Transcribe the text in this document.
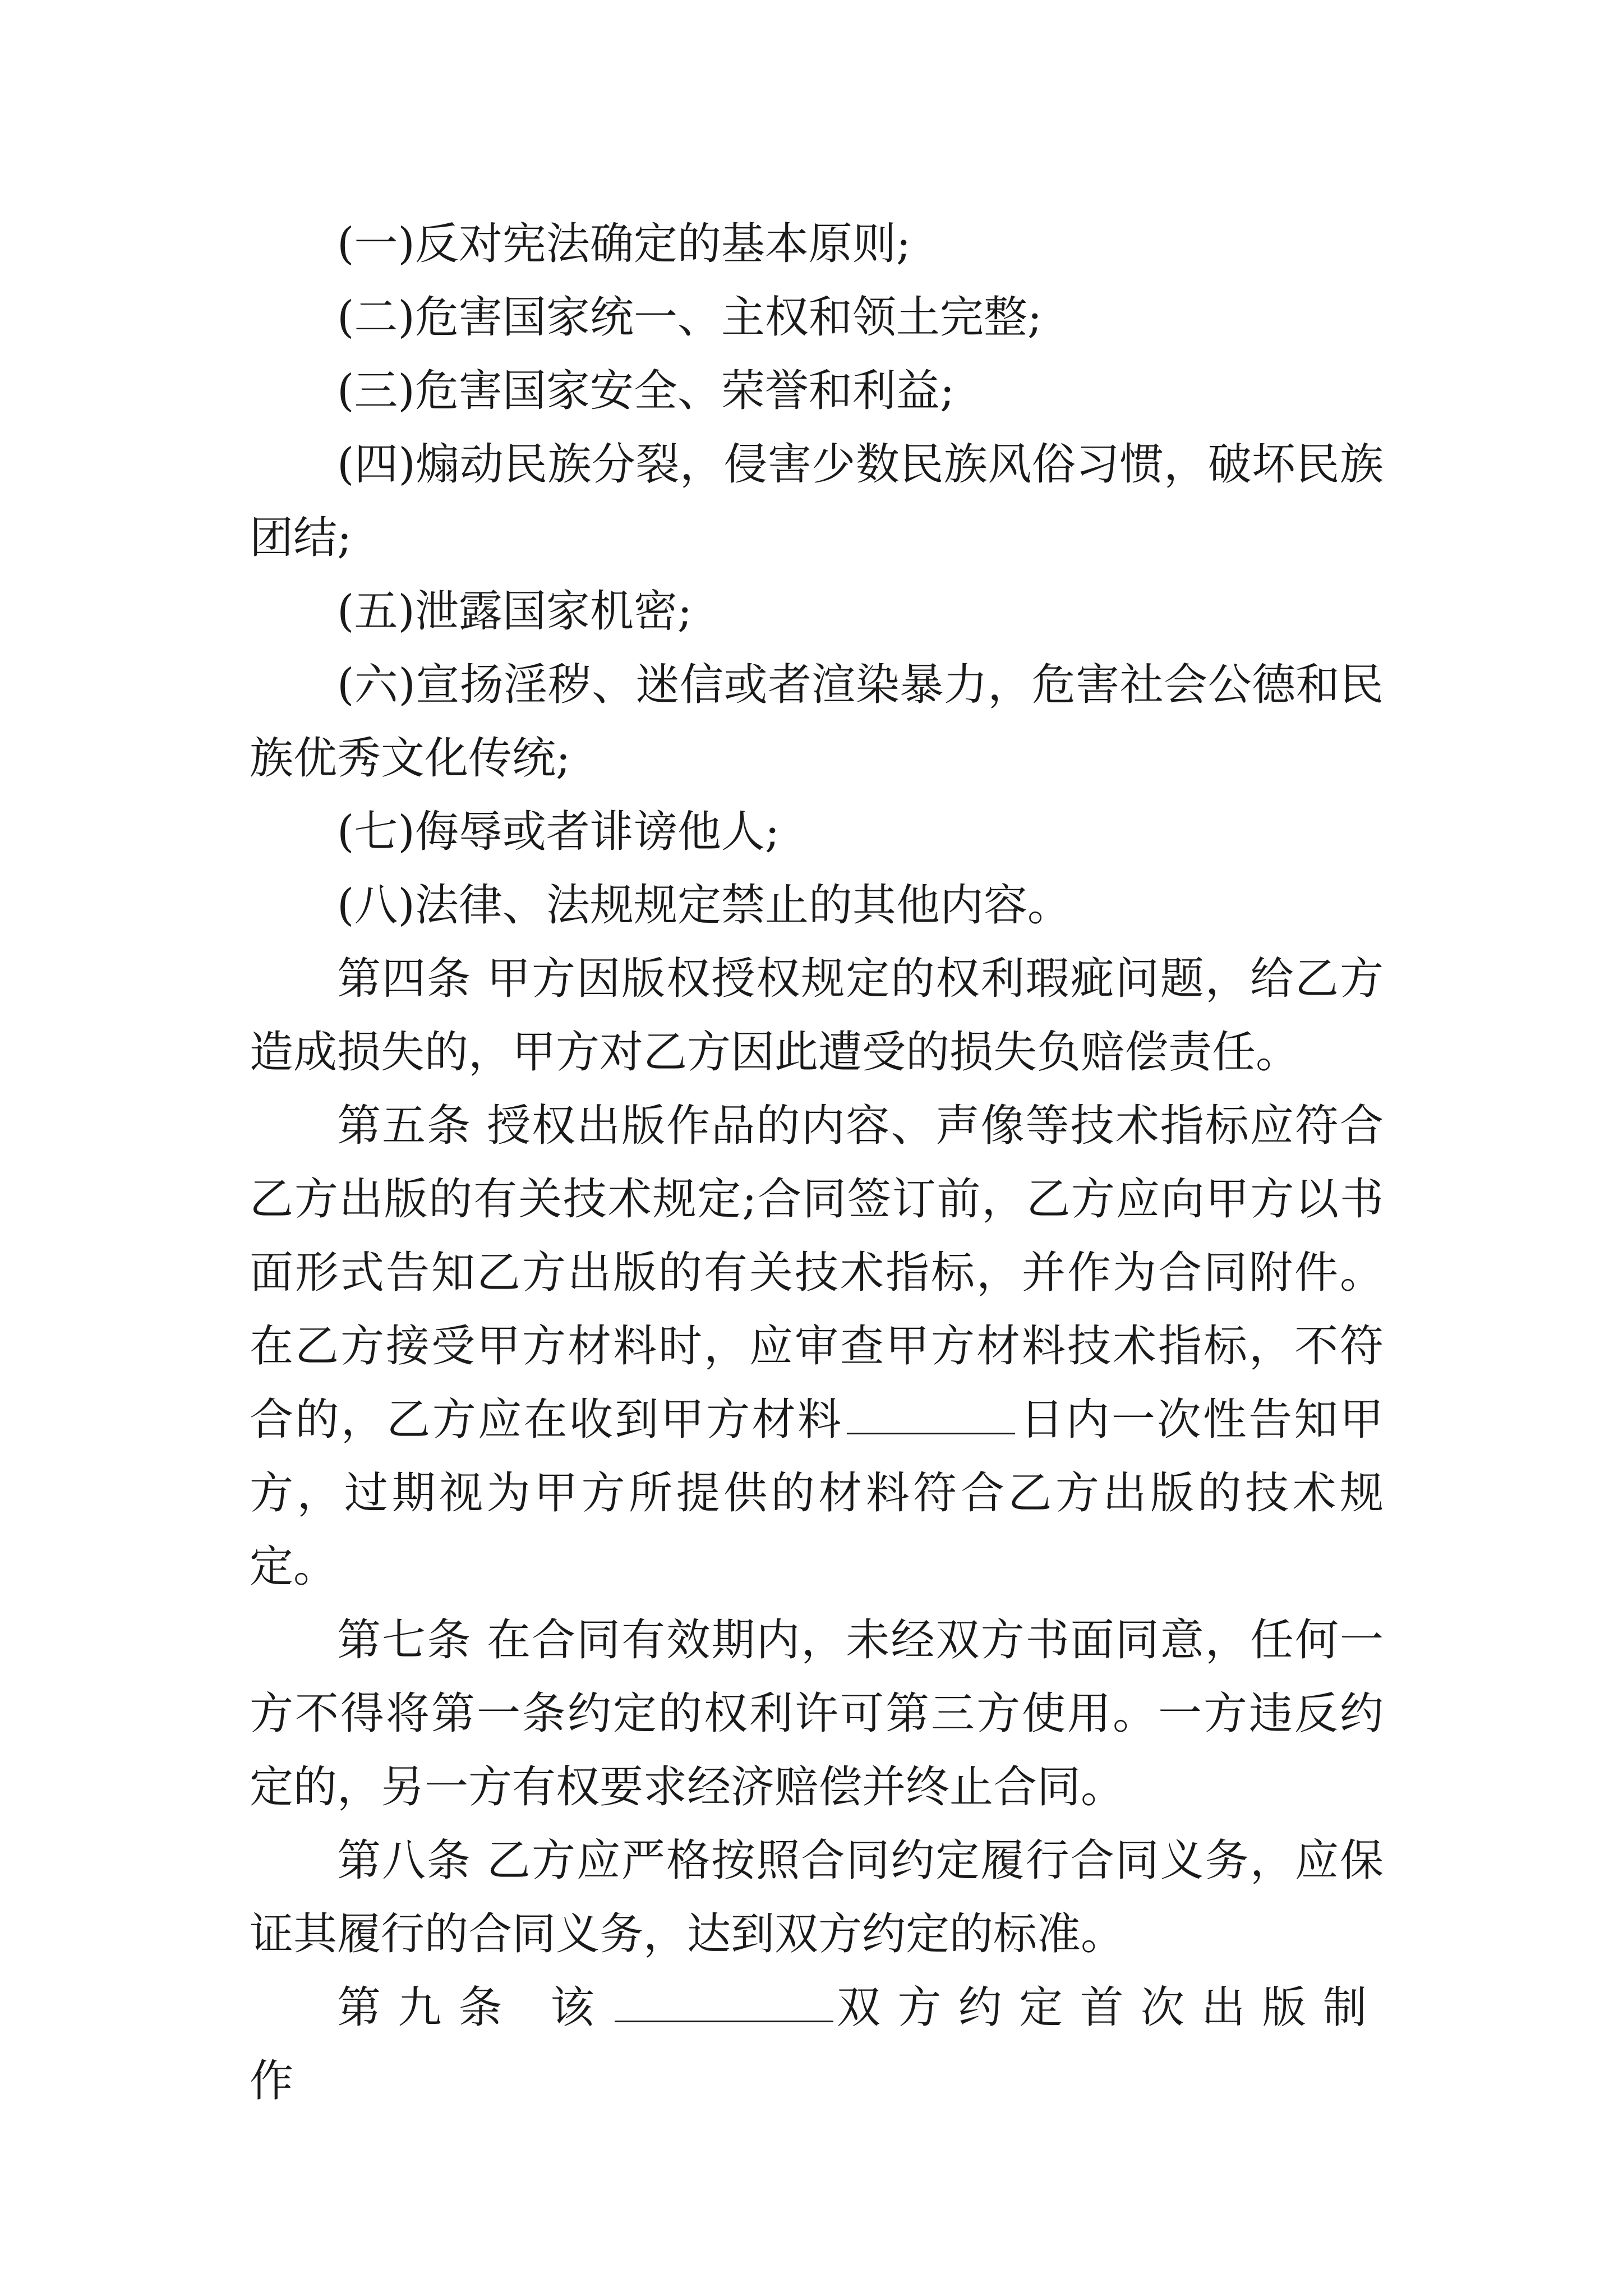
(一)反对宪法确定的基本原则;

(二)危害国家统一、主权和领土完整;

(三)危害国家安全、荣誉和利益;

(四)煽动民族分裂，侵害少数民族风俗习惯，破坏民族团结;

(五)泄露国家机密;

(六)宣扬淫秽、迷信或者渲染暴力，危害社会公德和民族优秀文化传统;

(七)侮辱或者诽谤他人;

(八)法律、法规规定禁止的其他内容。

第四条 甲方因版权授权规定的权利瑕疵问题，给乙方造成损失的，甲方对乙方因此遭受的损失负赔偿责任。

第五条 授权出版作品的内容、声像等技术指标应符合乙方出版的有关技术规定;合同签订前，乙方应向甲方以书面形式告知乙方出版的有关技术指标，并作为合同附件。在乙方接受甲方材料时，应审查甲方材料技术指标，不符合的，乙方应在收到甲方材料	日内一次性告知甲方，过期视为甲方所提供的材料符合乙方出版的技术规定。

第七条 在合同有效期内，未经双方书面同意，任何一方不得将第一条约定的权利许可第三方使用。一方违反约定的，另一方有权要求经济赔偿并终止合同。

第八条 乙方应严格按照合同约定履行合同义务，应保证其履行的合同义务，达到双方约定的标准。

第九条 该	双方约定首次出版制作
